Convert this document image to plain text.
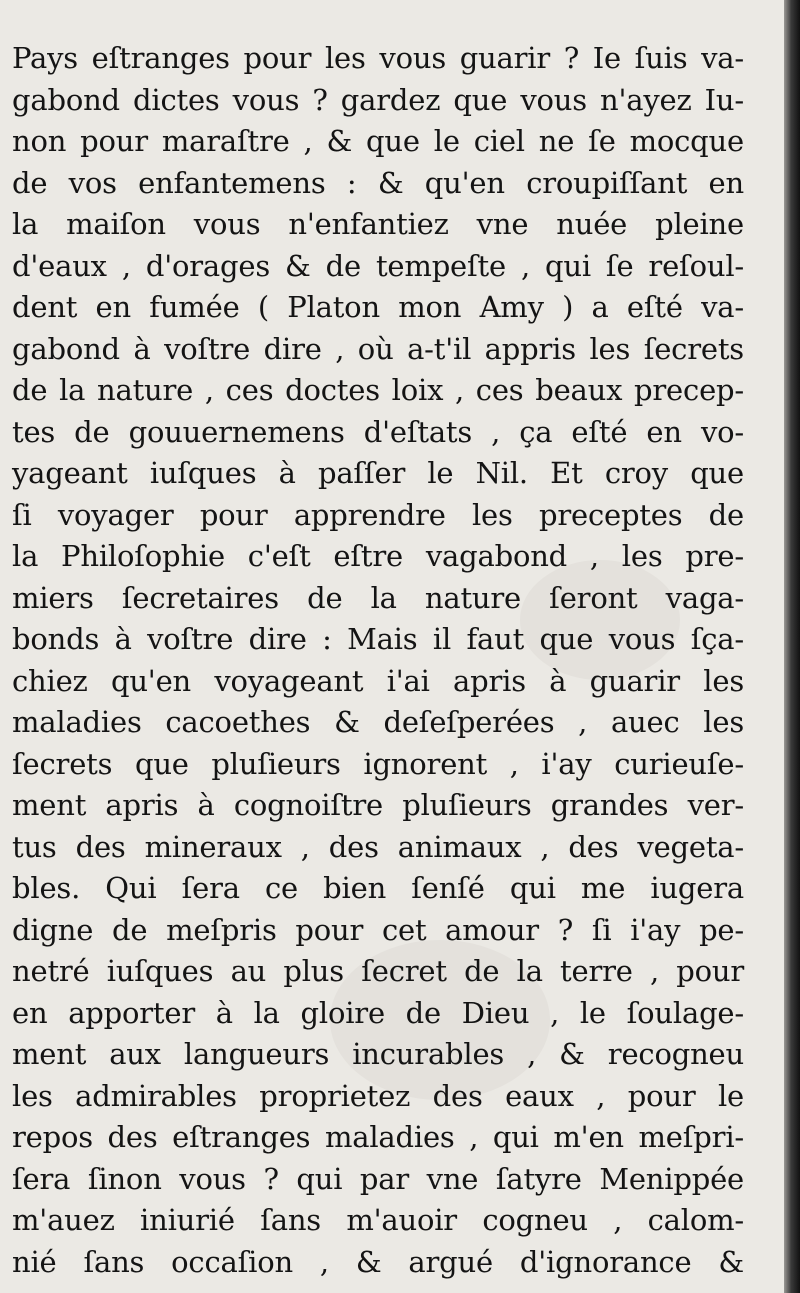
Pays eſtranges pour les vous guarir ? Ie ſuis va-
gabond dictes vous ? gardez que vous n'ayez Iu-
non pour maraſtre , & que le ciel ne ſe mocque
de vos enfantemens : & qu'en croupiſſant en
la maiſon vous n'enfantiez vne nuée pleine
d'eaux , d'orages & de tempeſte , qui ſe reſoul-
dent en fumée ( Platon mon Amy ) a eſté va-
gabond à voſtre dire , où a-t'il appris les ſecrets
de la nature , ces doctes loix , ces beaux precep-
tes de gouuernemens d'eſtats , ça eſté en vo-
yageant iuſques à paſſer le Nil. Et croy que
ſi voyager pour apprendre les preceptes de
la Philoſophie c'eſt eſtre vagabond , les pre-
miers ſecretaires de la nature ſeront vaga-
bonds à voſtre dire : Mais il faut que vous ſça-
chiez qu'en voyageant i'ai apris à guarir les
maladies cacoethes & deſeſperées , auec les
ſecrets que pluſieurs ignorent , i'ay curieuſe-
ment apris à cognoiſtre pluſieurs grandes ver-
tus des mineraux , des animaux , des vegeta-
bles. Qui ſera ce bien ſenſé qui me iugera
digne de meſpris pour cet amour ? ſi i'ay pe-
netré iuſques au plus ſecret de la terre , pour
en apporter à la gloire de Dieu , le ſoulage-
ment aux langueurs incurables , & recogneu
les admirables proprietez des eaux , pour le
repos des eſtranges maladies , qui m'en meſpri-
ſera ſinon vous ? qui par vne ſatyre Menippée
m'auez iniurié ſans m'auoir cogneu , calom-
nié ſans occaſion , & argué d'ignorance &
